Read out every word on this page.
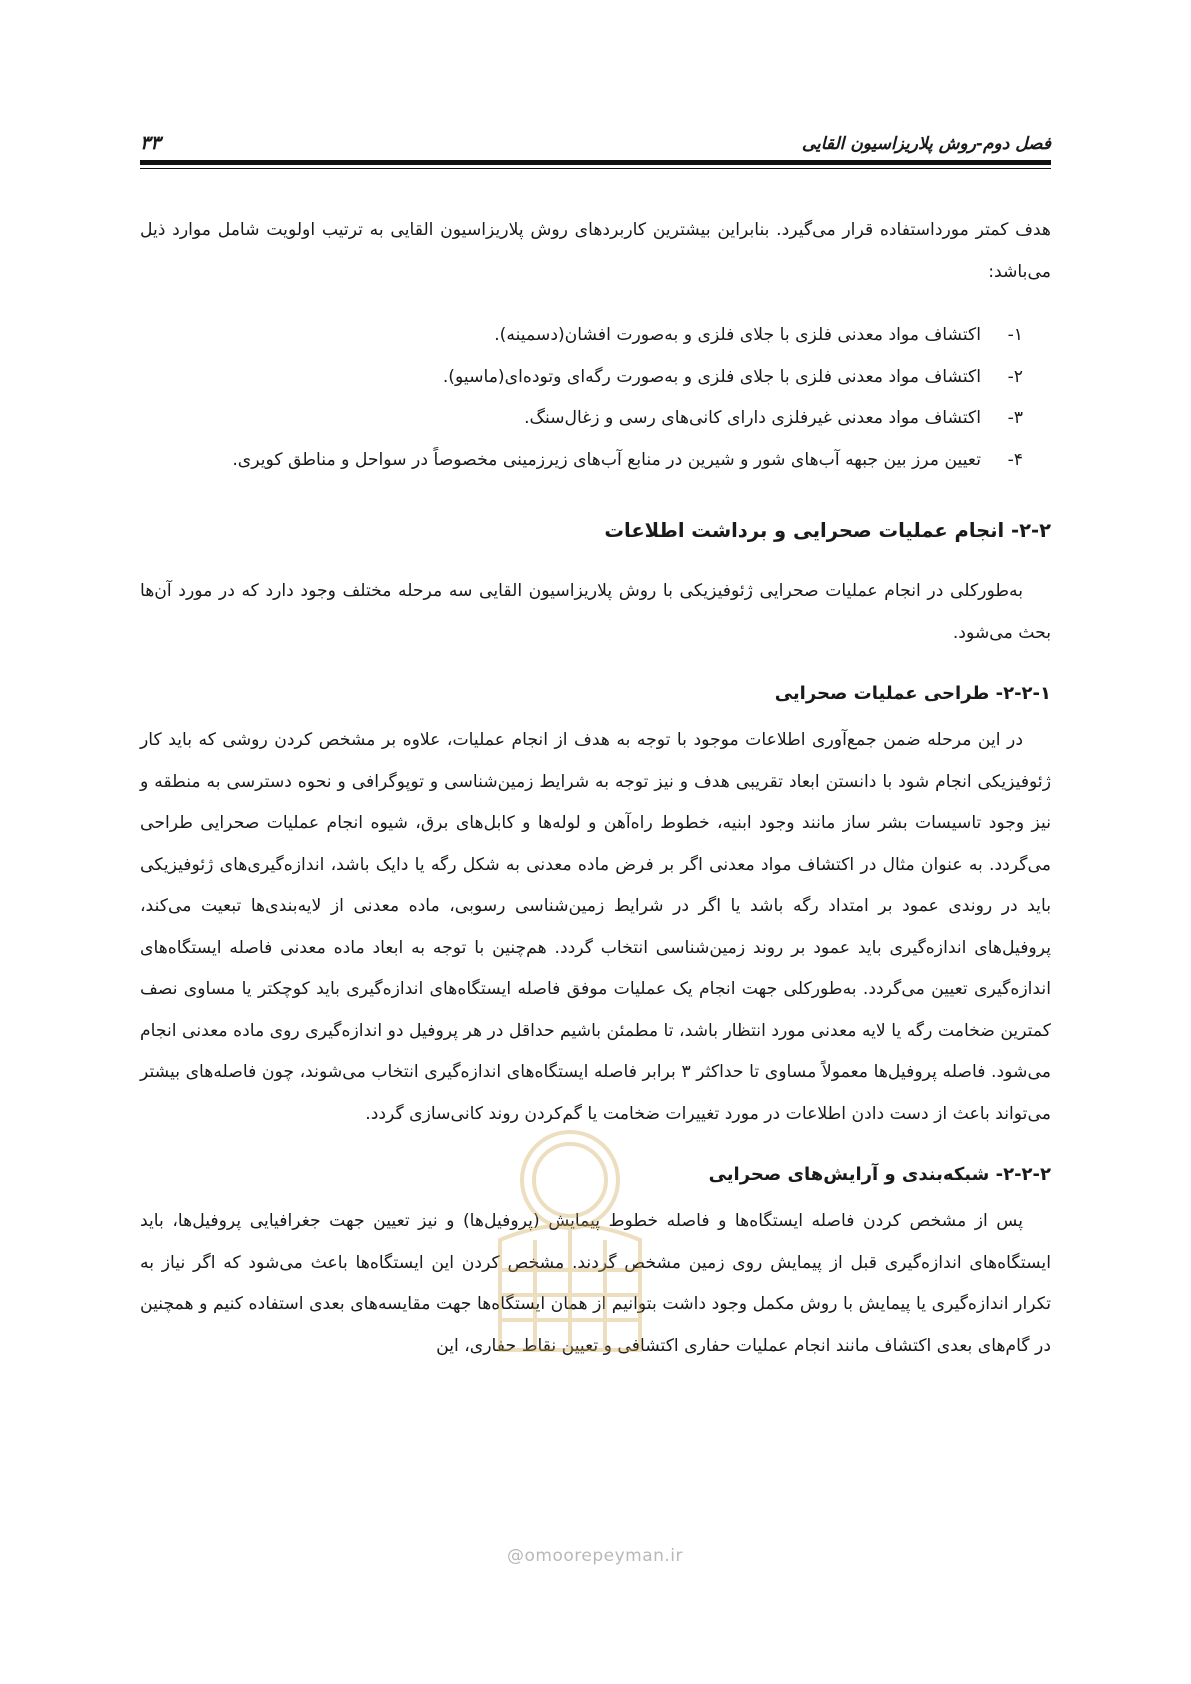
فصل دوم-روش پلاریزاسیون القایی
۳۳

هدف کمتر مورداستفاده قرار می‌گیرد. بنابراین بیشترین کاربردهای روش پلاریزاسیون القایی به ترتیب اولویت شامل موارد ذیل می‌باشد:

۱-
اکتشاف مواد معدنی فلزی با جلای فلزی و به‌صورت افشان(دسمینه).
۲-
اکتشاف مواد معدنی فلزی با جلای فلزی و به‌صورت رگه‌ای وتوده‌ای(ماسیو).
۳-
اکتشاف مواد معدنی غیرفلزی دارای کانی‌های رسی و زغال‌سنگ.
۴-
تعیین مرز بین جبهه آب‌های شور و شیرین در منابع آب‌های زیرزمینی مخصوصاً در سواحل و مناطق کویری.
۲-۲- انجام عملیات صحرایی و برداشت اطلاعات

به‌طورکلی در انجام عملیات صحرایی ژئوفیزیکی با روش پلاریزاسیون القایی سه مرحله مختلف وجود دارد که در مورد آن‌ها بحث می‌شود.

۲-۲-۱- طراحی عملیات صحرایی

در این مرحله ضمن جمع‌آوری اطلاعات موجود با توجه به هدف از انجام عملیات، علاوه بر مشخص کردن روشی که باید کار ژئوفیزیکی انجام شود با دانستن ابعاد تقریبی هدف و نیز توجه به شرایط زمین‌شناسی و توپوگرافی و نحوه دسترسی به منطقه و نیز وجود تاسیسات بشر ساز مانند وجود ابنیه، خطوط راه‌آهن و لوله‌ها و کابل‌های برق، شیوه انجام عملیات صحرایی طراحی می‌گردد. به عنوان مثال در اکتشاف مواد معدنی اگر بر فرض ماده معدنی به شکل رگه یا دایک باشد، اندازه‌گیری‌های ژئوفیزیکی باید در روندی عمود بر امتداد رگه باشد یا اگر در شرایط زمین‌شناسی رسوبی، ماده معدنی از لایه‌بندی‌ها تبعیت می‌کند، پروفیل‌های اندازه‌گیری باید عمود بر روند زمین‌شناسی انتخاب گردد. هم‌چنین با توجه به ابعاد ماده معدنی فاصله ایستگاه‌های اندازه‌گیری تعیین می‌گردد. به‌طورکلی جهت انجام یک عملیات موفق فاصله ایستگاه‌های اندازه‌گیری باید کوچکتر یا مساوی نصف کمترین ضخامت رگه یا لایه معدنی مورد انتظار باشد، تا مطمئن باشیم حداقل در هر پروفیل دو اندازه‌گیری روی ماده معدنی انجام می‌شود. فاصله پروفیل‌ها معمولاً مساوی تا حداکثر ۳ برابر فاصله ایستگاه‌های اندازه‌گیری انتخاب می‌شوند، چون فاصله‌های بیشتر می‌تواند باعث از دست دادن اطلاعات در مورد تغییرات ضخامت یا گم‌کردن روند کانی‌سازی گردد.

۲-۲-۲- شبکه‌بندی و آرایش‌های صحرایی

پس از مشخص کردن فاصله ایستگاه‌ها و فاصله خطوط پیمایش (پروفیل‌ها) و نیز تعیین جهت جغرافیایی پروفیل‌ها، باید ایستگاه‌های اندازه‌گیری قبل از پیمایش روی زمین مشخص گردند. مشخص کردن این ایستگاه‌ها باعث می‌شود که اگر نیاز به تکرار اندازه‌گیری یا پیمایش با روش مکمل وجود داشت بتوانیم از همان ایستگاه‌ها جهت مقایسه‌های بعدی استفاده کنیم و همچنین در گام‌های بعدی اکتشاف مانند انجام عملیات حفاری اکتشافی و تعیین نقاط حفاری، این

@omoorepeyman.ir
